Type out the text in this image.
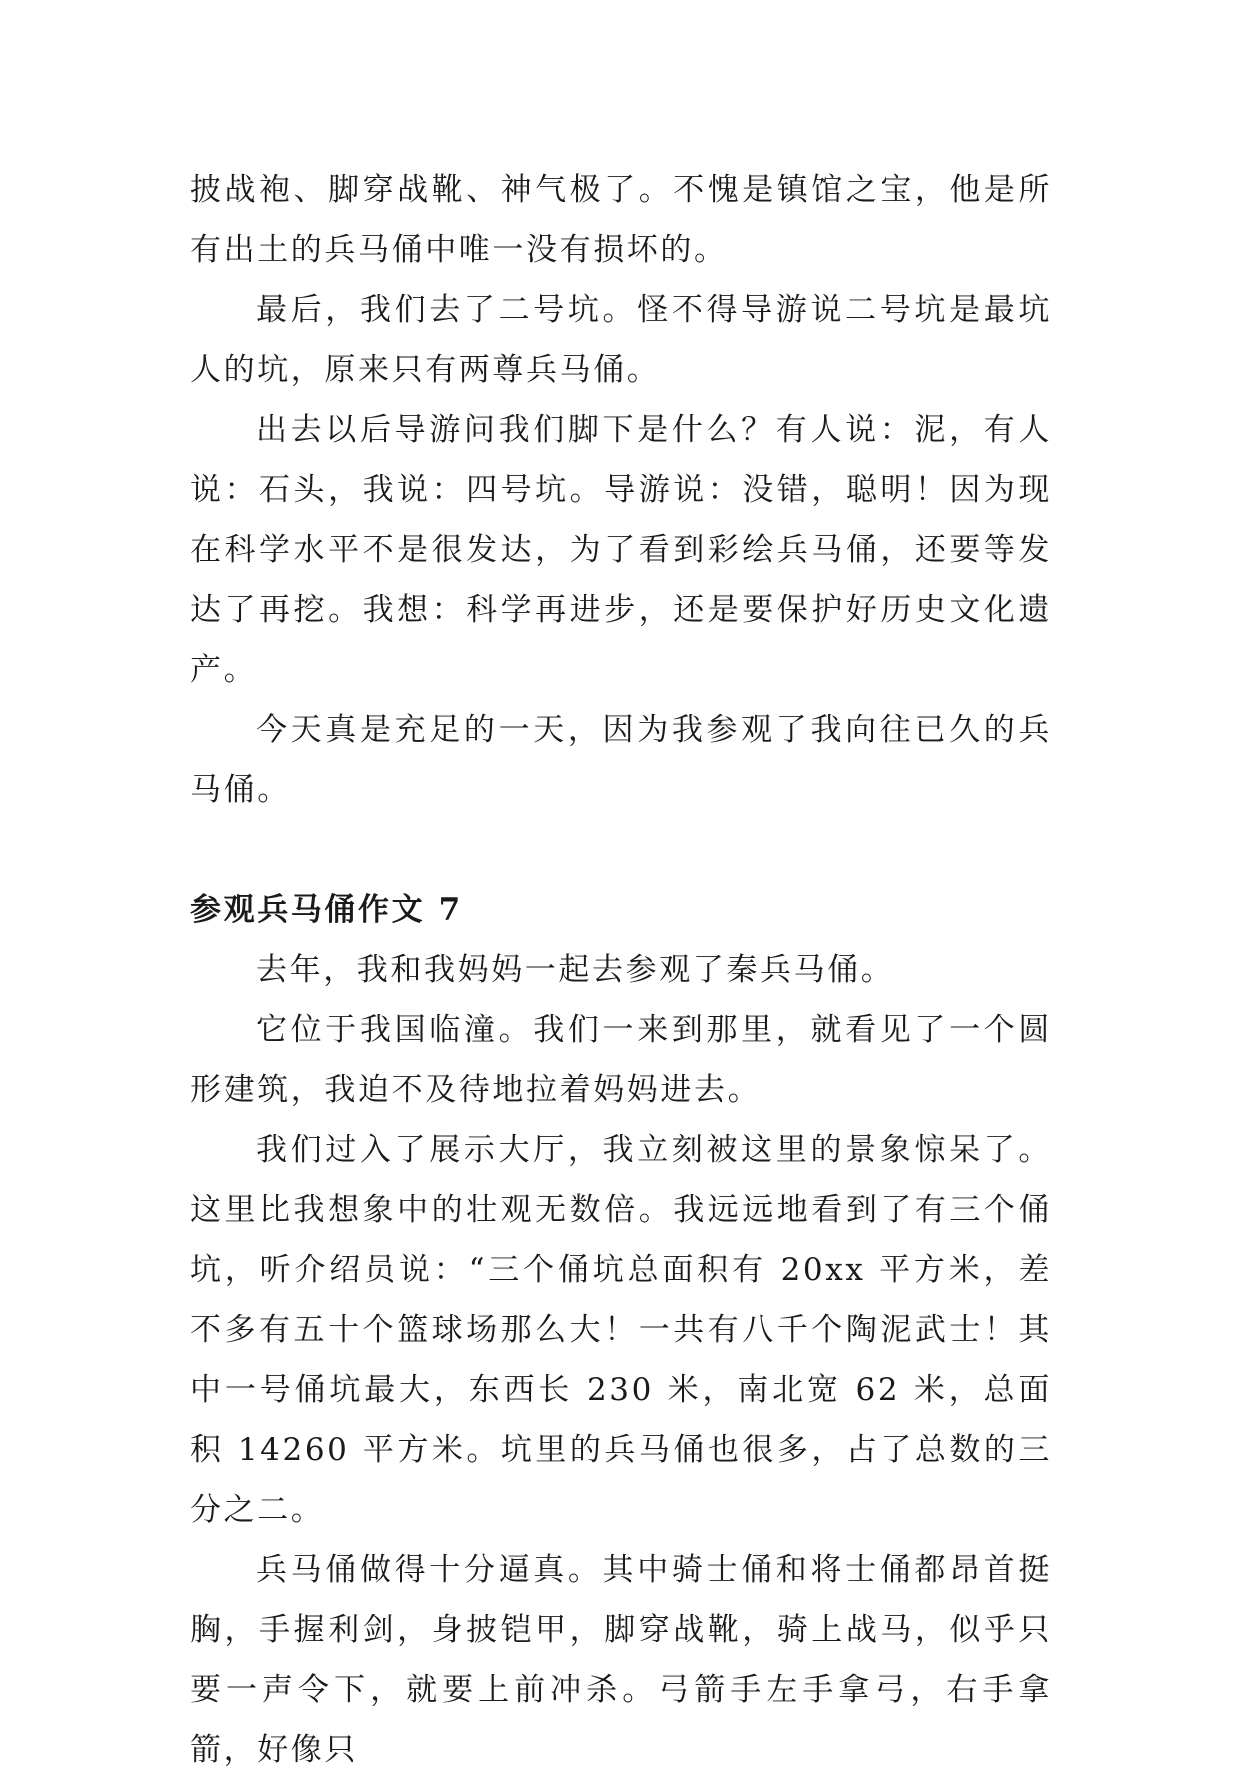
披战袍、脚穿战靴、神气极了。不愧是镇馆之宝，他是所有出土的兵马俑中唯一没有损坏的。

最后，我们去了二号坑。怪不得导游说二号坑是最坑人的坑，原来只有两尊兵马俑。

出去以后导游问我们脚下是什么？有人说：泥，有人说：石头，我说：四号坑。导游说：没错，聪明！因为现在科学水平不是很发达，为了看到彩绘兵马俑，还要等发达了再挖。我想：科学再进步，还是要保护好历史文化遗产。

今天真是充足的一天，因为我参观了我向往已久的兵马俑。

参观兵马俑作文 7

去年，我和我妈妈一起去参观了秦兵马俑。

它位于我国临潼。我们一来到那里，就看见了一个圆形建筑，我迫不及待地拉着妈妈进去。

我们过入了展示大厅，我立刻被这里的景象惊呆了。这里比我想象中的壮观无数倍。我远远地看到了有三个俑坑，听介绍员说：“三个俑坑总面积有 20xx 平方米，差不多有五十个篮球场那么大！一共有八千个陶泥武士！其中一号俑坑最大，东西长 230 米，南北宽 62 米，总面积 14260 平方米。坑里的兵马俑也很多，占了总数的三分之二。

兵马俑做得十分逼真。其中骑士俑和将士俑都昂首挺胸，手握利剑，身披铠甲，脚穿战靴，骑上战马，似乎只要一声令下，就要上前冲杀。弓箭手左手拿弓，右手拿箭，好像只
